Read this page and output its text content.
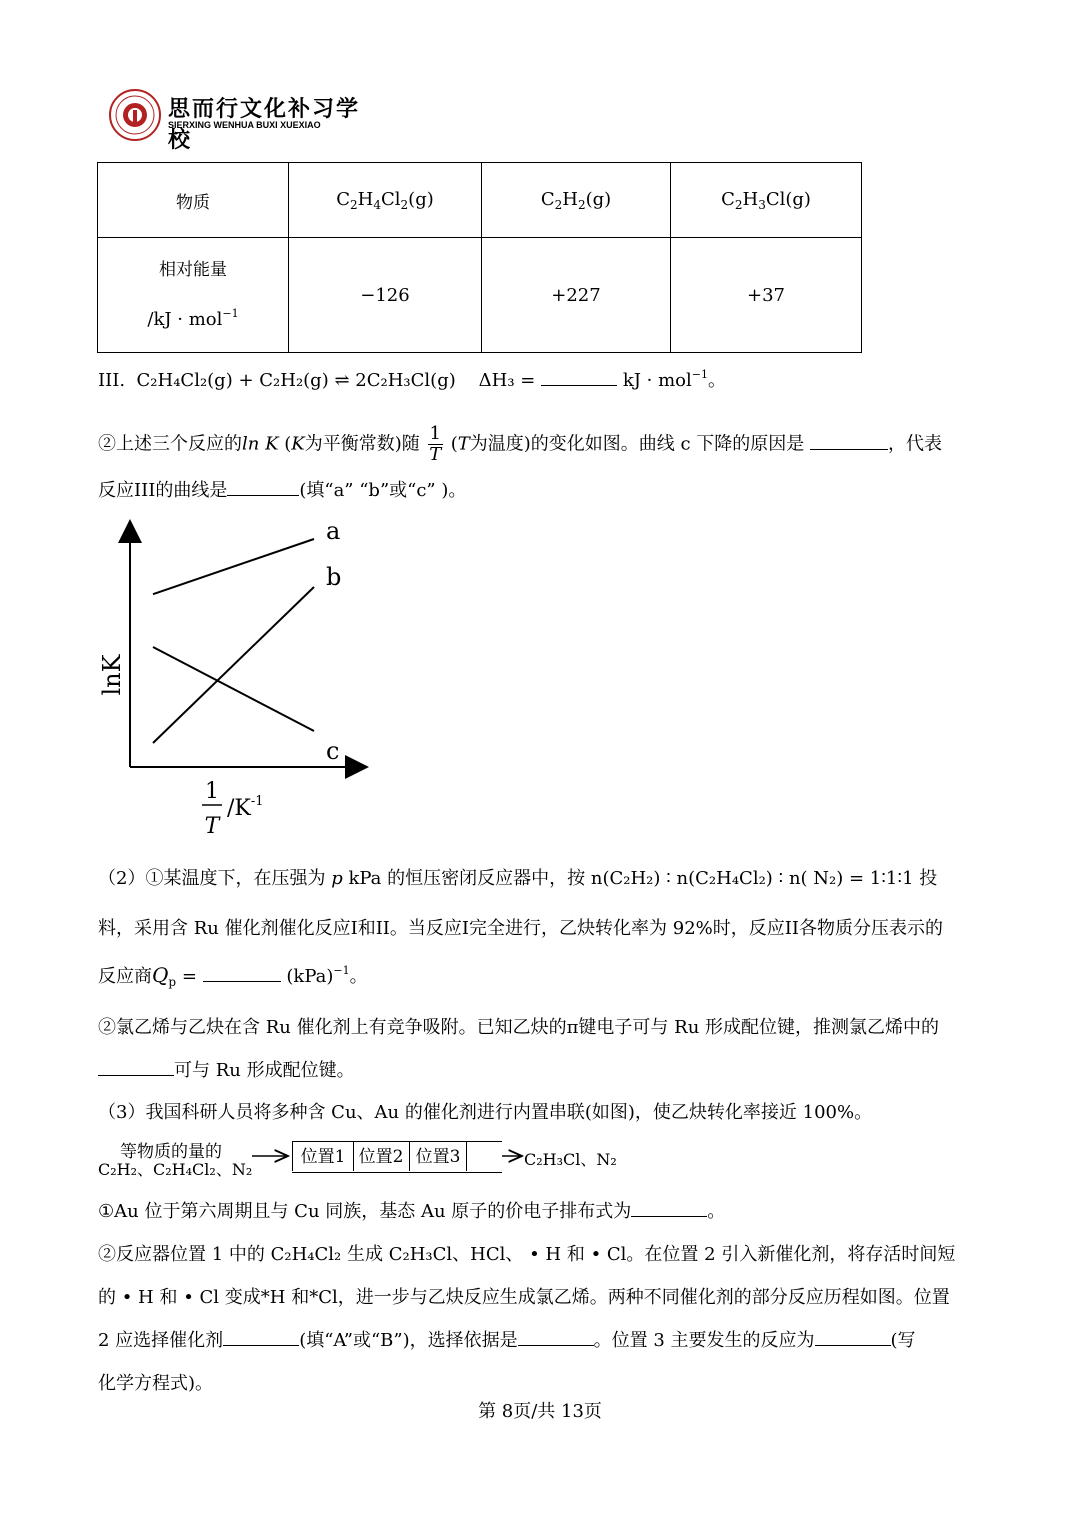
思而行文化补习学校
SIERXING WENHUA BUXI XUEXIAO
物质	$C_2H_4Cl_2(g)$	$C_2H_2(g)$	$C_2H_3Cl(g)$

相对能量
/kJ · mol$^{-1}$	−126	+227	+37
III. C₂H₄Cl₂(g) + C₂H₂(g) ⇌ 2C₂H₃Cl(g) ΔH₃ =	kJ · mol$^{-1}$。
②上述三个反应的ln K (K为平衡常数)随 $\frac{1}{T} (T$为温度)的变化如图。曲线 c 下降的原因是	，代表
反应III的曲线是	(填“a” “b”或“c” )。
lnK
a
b
c
1
T
$/K^{-1}$
（2）①某温度下，在压强为 p kPa 的恒压密闭反应器中，按 n(C₂H₂) ∶ n(C₂H₄Cl₂) ∶ n( N₂) = 1∶1∶1 投
料，采用含 Ru 催化剂催化反应I和II。当反应I完全进行，乙炔转化率为 92%时，反应II各物质分压表示的
反应商$Q_p$ =	(kPa)$^{-1}$。
②氯乙烯与乙炔在含 Ru 催化剂上有竞争吸附。已知乙炔的π键电子可与 Ru 形成配位键，推测氯乙烯中的
可与 Ru 形成配位键。
（3）我国科研人员将多种含 Cu、Au 的催化剂进行内置串联(如图)，使乙炔转化率接近 100%。
等物质的量的
C₂H₂、C₂H₄Cl₂、N₂
位置1 位置2 位置3	C₂H₃Cl、N₂
①Au 位于第六周期且与 Cu 同族，基态 Au 原子的价电子排布式为	。
②反应器位置 1 中的 C₂H₄Cl₂ 生成 C₂H₃Cl、HCl、 • H 和 • Cl。在位置 2 引入新催化剂，将存活时间短
的 • H 和 • Cl 变成*H 和*Cl，进一步与乙炔反应生成氯乙烯。两种不同催化剂的部分反应历程如图。位置
2 应选择催化剂	(填“A”或“B”)，选择依据是	。位置 3 主要发生的反应为	(写
化学方程式)。
第 8页/共 13页
